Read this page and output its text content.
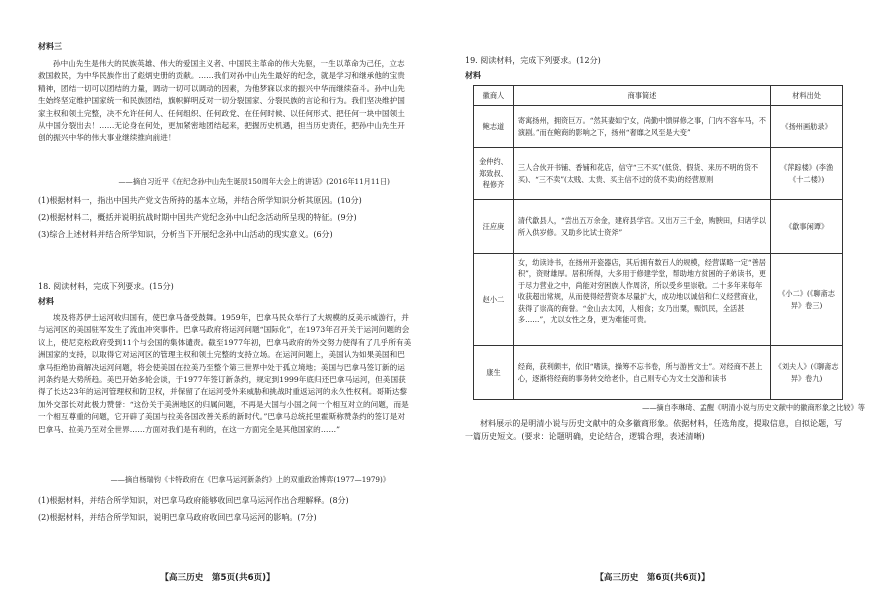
材料三
孙中山先生是伟大的民族英雄、伟大的爱国主义者、中国民主革命的伟大先驱，一生以革命为己任，立志救国救民，为中华民族作出了彪炳史册的贡献。……我们对孙中山先生最好的纪念，就是学习和继承他的宝贵精神，团结一切可以团结的力量，调动一切可以调动的因素，为他梦寐以求的振兴中华而继续奋斗。孙中山先生始终坚定维护国家统一和民族团结，旗帜鲜明反对一切分裂国家、分裂民族的言论和行为。我们坚决维护国家主权和领土完整，决不允许任何人、任何组织、任何政党、在任何时候、以任何形式、把任何一块中国领土从中国分裂出去！……无论身在何处，更加紧密地团结起来，把握历史机遇，担当历史责任，把孙中山先生开创的振兴中华的伟大事业继续推向前进！
——摘自习近平《在纪念孙中山先生诞辰150周年大会上的讲话》(2016年11月11日)
(1)根据材料一，指出中国共产党文告所持的基本立场，并结合所学知识分析其原因。(10分)
(2)根据材料二，概括并说明抗战时期中国共产党纪念孙中山纪念活动所呈现的特征。(9分)
(3)综合上述材料并结合所学知识，分析当下开展纪念孙中山活动的现实意义。(6分)
18. 阅读材料，完成下列要求。(15分)
材料
埃及将苏伊士运河收归国有，使巴拿马备受鼓舞。1959年，巴拿马民众举行了大规模的反美示威游行，并与运河区的美国驻军发生了流血冲突事件。巴拿马政府将运河问题“国际化”，在1973年召开关于运河问题的会议上，使尼克松政府受到11个与会国的集体谴责。截至1977年初，巴拿马政府的外交努力使得有了几乎所有美洲国家的支持，以取得它对运河区的管理主权和领土完整的支持立场。在运河问题上，美国认为如果美国和巴拿马拒绝协商解决运河问题，将会使美国在拉美乃至整个第三世界中处于孤立境地；美国与巴拿马签订新的运河条约是大势所趋。美巴开始多轮会谈，于1977年签订新条约，规定到1999年底归还巴拿马运河，但美国获得了长达23年的运河管理权和防卫权，并保留了在运河受外来威胁和挑战时重返运河的永久性权利。哥斯达黎加外交部长对此极力赞誉：“这份关于美洲地区的归属问题，不再是大国与小国之间一个相互对立的问题，而是一个相互尊重的问题，它开辟了美国与拉美各国改善关系的新时代。”巴拿马总统托里霍斯称赞条约的签订是对巴拿马、拉美乃至对全世界……方面对我们是有利的，在这一方面完全是其他国家的……”
——摘自杨瑞钧《卡特政府在《巴拿马运河新条约》上的双重政治博弈(1977—1979)》
(1)根据材料，并结合所学知识，对巴拿马政府能够收回巴拿马运河作出合理解释。(8分)
(2)根据材料，并结合所学知识，说明巴拿马政府收回巴拿马运河的影响。(7分)
【高三历史　第5页(共6页)】
19. 阅读材料，完成下列要求。(12分)
材料
徽商人	商事简述	材料出处
鲍志道	寄寓扬州，拥资巨万。“然其妻如宁女，尚勤中馈屏修之事，门内不容车马，不演剧。”而在鲍商的影响之下，扬州“奢靡之风至是大变”	《扬州画舫录》
金仲约、郑致叔、程修齐	三人合伙开书铺、香铺和花店，信守“三不买”(低货、假货、来历不明的货不买)、“三不卖”(太贱、太贵、买主信不过的货不卖)的经营原则	《萍踪楼》(李渔《十二楼》)
汪应庚	清代歙县人，“尝出五万余金，建府县学宫。又出万三千金，购腴田，归诸学以所入供岁修。又助乡比试士资斧”	《歙事闲谭》
赵小二	女，幼读诗书，在扬州开瓷器店，其后拥有数百人的规模，经营谋略一定“善居积”，资财雄厚。居积所得，大多用于修建学堂，帮助地方贫困的子弟读书，更于尽力营业之中，尚能对穷困族人作周济，所以受乡里崇敬。二十多年来每年收获超出常规，从而使得经营资本尽量扩大，成功地以诚信和仁义经营商业，获得了崇高的商誉。“金山去太冈，人相食；女乃出粟，赈饥民，全活甚多……”，尤以女性之身，更为难能可贵。	《小二》(《聊斋志异》卷三)
康生	经商，获利颇丰，依旧“嗜读，操筹不忘书卷，所与游皆文士”。对经商不甚上心，逐渐将经商的事务转交给老仆，自己则专心为文士交游和读书	《刘夫人》(《聊斋志异》卷九)
——摘自李琳琦、孟醒《明清小说与历史文献中的徽商形象之比较》等
材料展示的是明清小说与历史文献中的众多徽商形象。依据材料，任选角度，提取信息，自拟论题，写一篇历史短文。(要求：论题明确，史论结合，逻辑合理，表述清晰)
【高三历史　第6页(共6页)】
